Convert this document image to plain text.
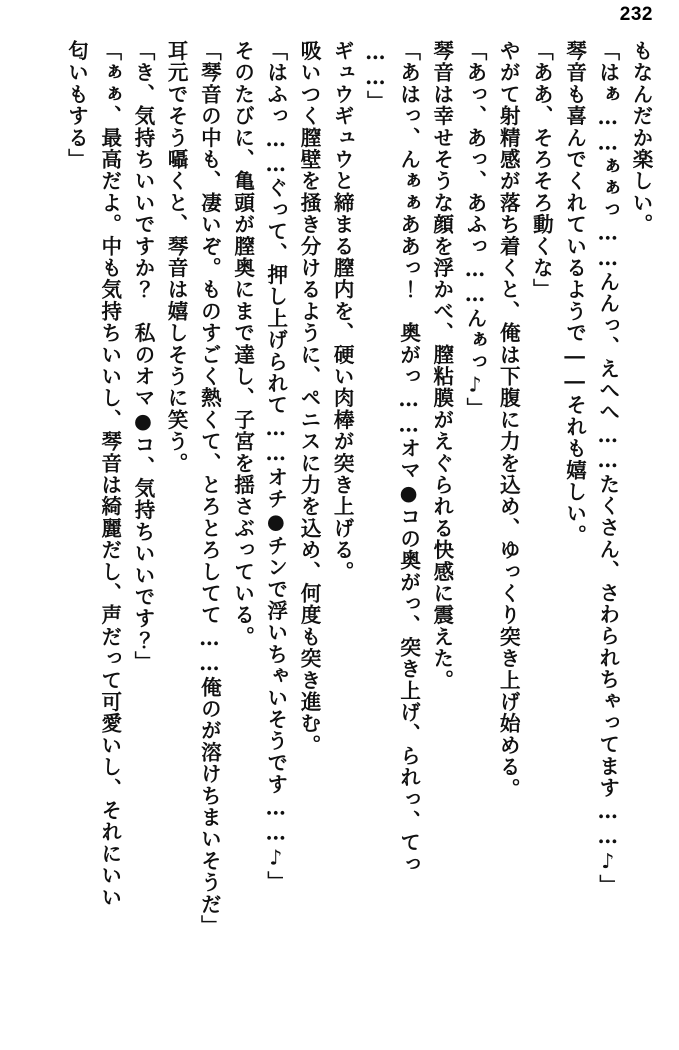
232

もなんだか楽しい。

「はぁ……ぁぁっ……んんっ、えへへ……たくさん、さわられちゃってます……♪」

琴音も喜んでくれているようで――それも嬉しい。

「ああ、そろそろ動くな」

やがて射精感が落ち着くと、俺は下腹に力を込め、ゆっくり突き上げ始める。

「あっ、あっ、あふっ……んぁっ♪」

琴音は幸せそうな顔を浮かべ、膣粘膜がえぐられる快感に震えた。

「あはっ、んぁぁああっ！　奥がっ……オマ●コの奥がっ、突き上げ、られっ、てっ

……」

ギュウギュウと締まる膣内を、硬い肉棒が突き上げる。

吸いつく膣壁を掻き分けるように、ペニスに力を込め、何度も突き進む。

「はふっ……ぐって、押し上げられて……オチ●チンで浮いちゃいそうです……♪」

そのたびに、亀頭が膣奥にまで達し、子宮を揺さぶっている。

「琴音の中も、凄いぞ。ものすごく熱くて、とろとろしてて……俺のが溶けちまいそうだ」

耳元でそう囁くと、琴音は嬉しそうに笑う。

「き、気持ちいいですか？　私のオマ●コ、気持ちいいです？」

「ぁぁ、最高だよ。中も気持ちいいし、琴音は綺麗だし、声だって可愛いし、それにいい

匂いもする」
